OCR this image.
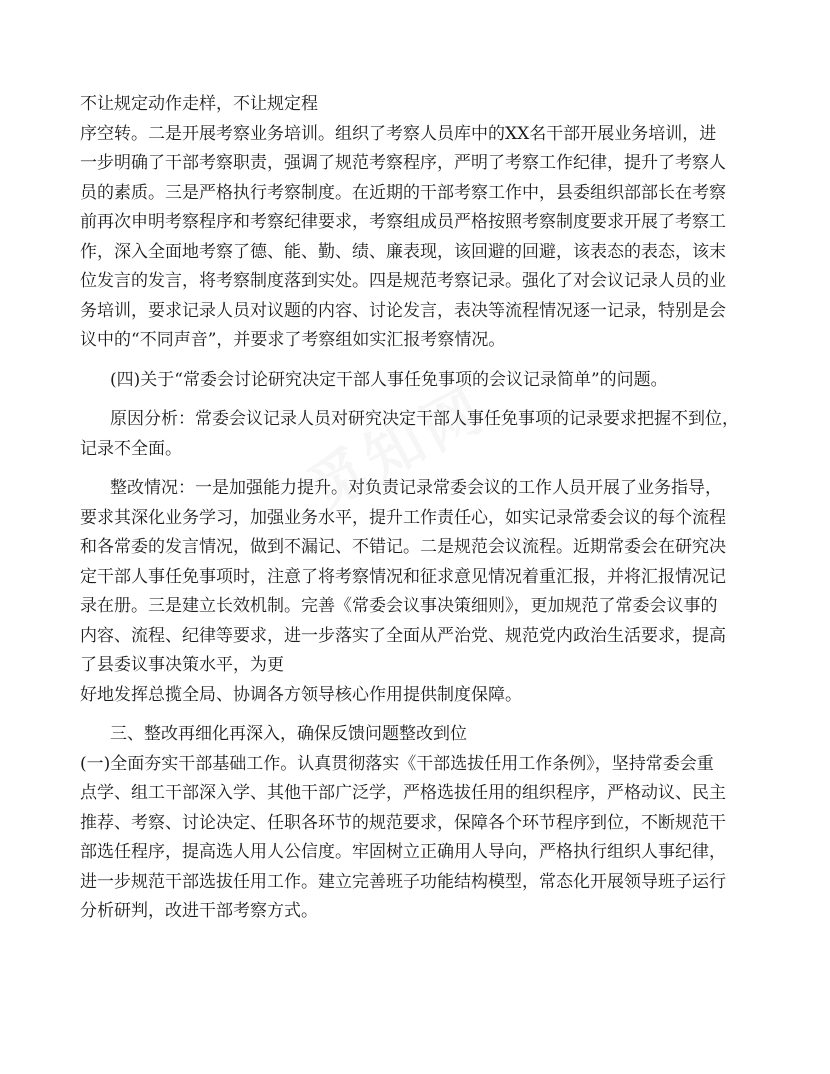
不让规定动作走样，不让规定程
序空转。二是开展考察业务培训。组织了考察人员库中的XX名干部开展业务培训，进
一步明确了干部考察职责，强调了规范考察程序，严明了考察工作纪律，提升了考察人
员的素质。三是严格执行考察制度。在近期的干部考察工作中，县委组织部部长在考察
前再次申明考察程序和考察纪律要求，考察组成员严格按照考察制度要求开展了考察工
作，深入全面地考察了德、能、勤、绩、廉表现，该回避的回避，该表态的表态，该末
位发言的发言，将考察制度落到实处。四是规范考察记录。强化了对会议记录人员的业
务培训，要求记录人员对议题的内容、讨论发言，表决等流程情况逐一记录，特别是会
议中的“不同声音”，并要求了考察组如实汇报考察情况。
(四)关于“常委会讨论研究决定干部人事任免事项的会议记录简单”的问题。
原因分析：常委会议记录人员对研究决定干部人事任免事项的记录要求把握不到位，
记录不全面。
整改情况：一是加强能力提升。对负责记录常委会议的工作人员开展了业务指导，
要求其深化业务学习，加强业务水平，提升工作责任心，如实记录常委会议的每个流程
和各常委的发言情况，做到不漏记、不错记。二是规范会议流程。近期常委会在研究决
定干部人事任免事项时，注意了将考察情况和征求意见情况着重汇报，并将汇报情况记
录在册。三是建立长效机制。完善《常委会议事决策细则》，更加规范了常委会议事的
内容、流程、纪律等要求，进一步落实了全面从严治党、规范党内政治生活要求，提高
了县委议事决策水平，为更
好地发挥总揽全局、协调各方领导核心作用提供制度保障。
三、整改再细化再深入，确保反馈问题整改到位
(一)全面夯实干部基础工作。认真贯彻落实《干部选拔任用工作条例》，坚持常委会重
点学、组工干部深入学、其他干部广泛学，严格选拔任用的组织程序，严格动议、民主
推荐、考察、讨论决定、任职各环节的规范要求，保障各个环节程序到位，不断规范干
部选任程序，提高选人用人公信度。牢固树立正确用人导向，严格执行组织人事纪律，
进一步规范干部选拔任用工作。建立完善班子功能结构模型，常态化开展领导班子运行
分析研判，改进干部考察方式。
